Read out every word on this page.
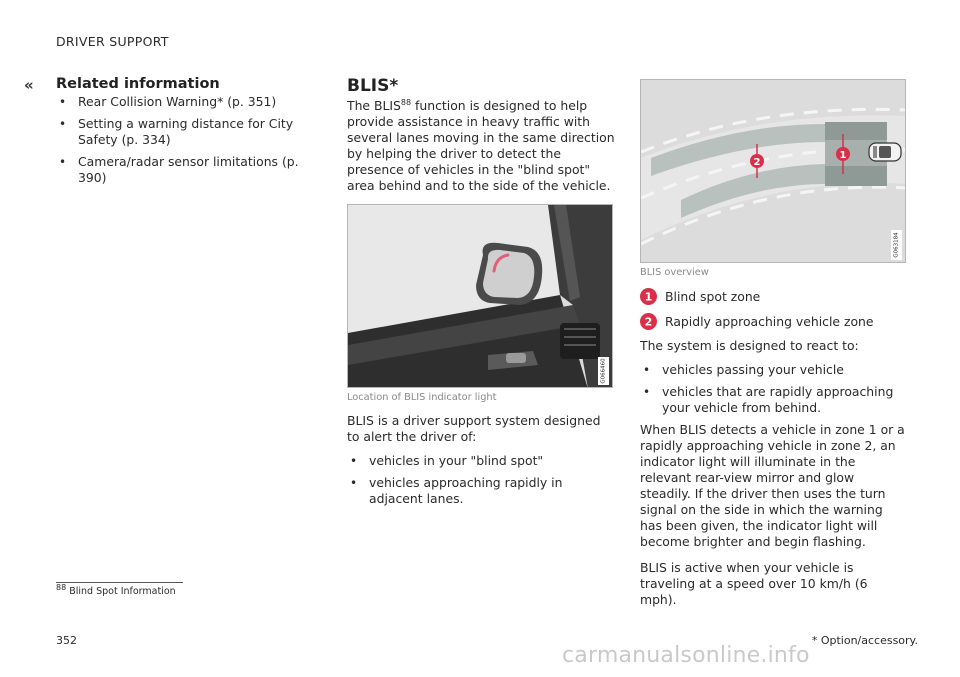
DRIVER SUPPORT
« Related information
• Rear Collision Warning* (p. 351)
• Setting a warning distance for City Safety (p. 334)
• Camera/radar sensor limitations (p. 390)
BLIS*
The BLIS$^{88}$ function is designed to help provide assistance in heavy traffic with several lanes moving in the same direction by helping the driver to detect the presence of vehicles in the "blind spot" area behind and to the side of the vehicle.
G066460
Location of BLIS indicator light

BLIS is a driver support system designed to alert the driver of:

• vehicles in your "blind spot"
• vehicles approaching rapidly in adjacent lanes.
1
2
G063184
BLIS overview
1 Blind spot zone
2 Rapidly approaching vehicle zone

The system is designed to react to:

• vehicles passing your vehicle
• vehicles that are rapidly approaching your vehicle from behind.

When BLIS detects a vehicle in zone 1 or a rapidly approaching vehicle in zone 2, an indicator light will illuminate in the relevant rear-view mirror and glow steadily. If the driver then uses the turn signal on the side in which the warning has been given, the indicator light will become brighter and begin flashing.

BLIS is active when your vehicle is traveling at a speed over 10 km/h (6 mph).

$^{88}$ Blind Spot Information
352	* Option/accessory.
carmanualsonline.info
